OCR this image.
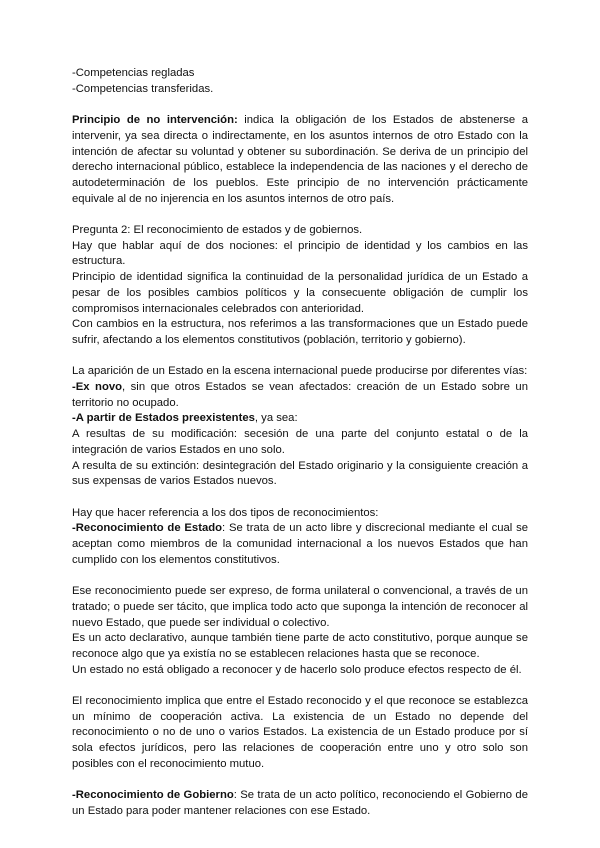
-Competencias regladas
-Competencias transferidas.
Principio de no intervención: indica la obligación de los Estados de abstenerse a intervenir, ya sea directa o indirectamente, en los asuntos internos de otro Estado con la intención de afectar su voluntad y obtener su subordinación. Se deriva de un principio del derecho internacional público, establece la independencia de las naciones y el derecho de autodeterminación de los pueblos. Este principio de no intervención prácticamente equivale al de no injerencia en los asuntos internos de otro país.
Pregunta 2: El reconocimiento de estados y de gobiernos.
Hay que hablar aquí de dos nociones: el principio de identidad y los cambios en las estructura.
Principio de identidad significa la continuidad de la personalidad jurídica de un Estado a pesar de los posibles cambios políticos y la consecuente obligación de cumplir los compromisos internacionales celebrados con anterioridad.
Con cambios en la estructura, nos referimos a las transformaciones que un Estado puede sufrir, afectando a los elementos constitutivos (población, territorio y gobierno).
La aparición de un Estado en la escena internacional puede producirse por diferentes vías:
-Ex novo, sin que otros Estados se vean afectados: creación de un Estado sobre un territorio no ocupado.
-A partir de Estados preexistentes, ya sea:
A resultas de su modificación: secesión de una parte del conjunto estatal o de la integración de varios Estados en uno solo.
A resulta de su extinción: desintegración del Estado originario y la consiguiente creación a sus expensas de varios Estados nuevos.
Hay que hacer referencia a los dos tipos de reconocimientos:
-Reconocimiento de Estado: Se trata de un acto libre y discrecional mediante el cual se aceptan como miembros de la comunidad internacional a los nuevos Estados que han cumplido con los elementos constitutivos.
Ese reconocimiento puede ser expreso, de forma unilateral o convencional, a través de un tratado; o puede ser tácito, que implica todo acto que suponga la intención de reconocer al nuevo Estado, que puede ser individual o colectivo.
Es un acto declarativo, aunque también tiene parte de acto constitutivo, porque aunque se reconoce algo que ya existía no se establecen relaciones hasta que se reconoce.
Un estado no está obligado a reconocer y de hacerlo solo produce efectos respecto de él.
El reconocimiento implica que entre el Estado reconocido y el que reconoce se establezca un mínimo de cooperación activa. La existencia de un Estado no depende del reconocimiento o no de uno o varios Estados. La existencia de un Estado produce por sí sola efectos jurídicos, pero las relaciones de cooperación entre uno y otro solo son posibles con el reconocimiento mutuo.
-Reconocimiento de Gobierno: Se trata de un acto político, reconociendo el Gobierno de un Estado para poder mantener relaciones con ese Estado.
